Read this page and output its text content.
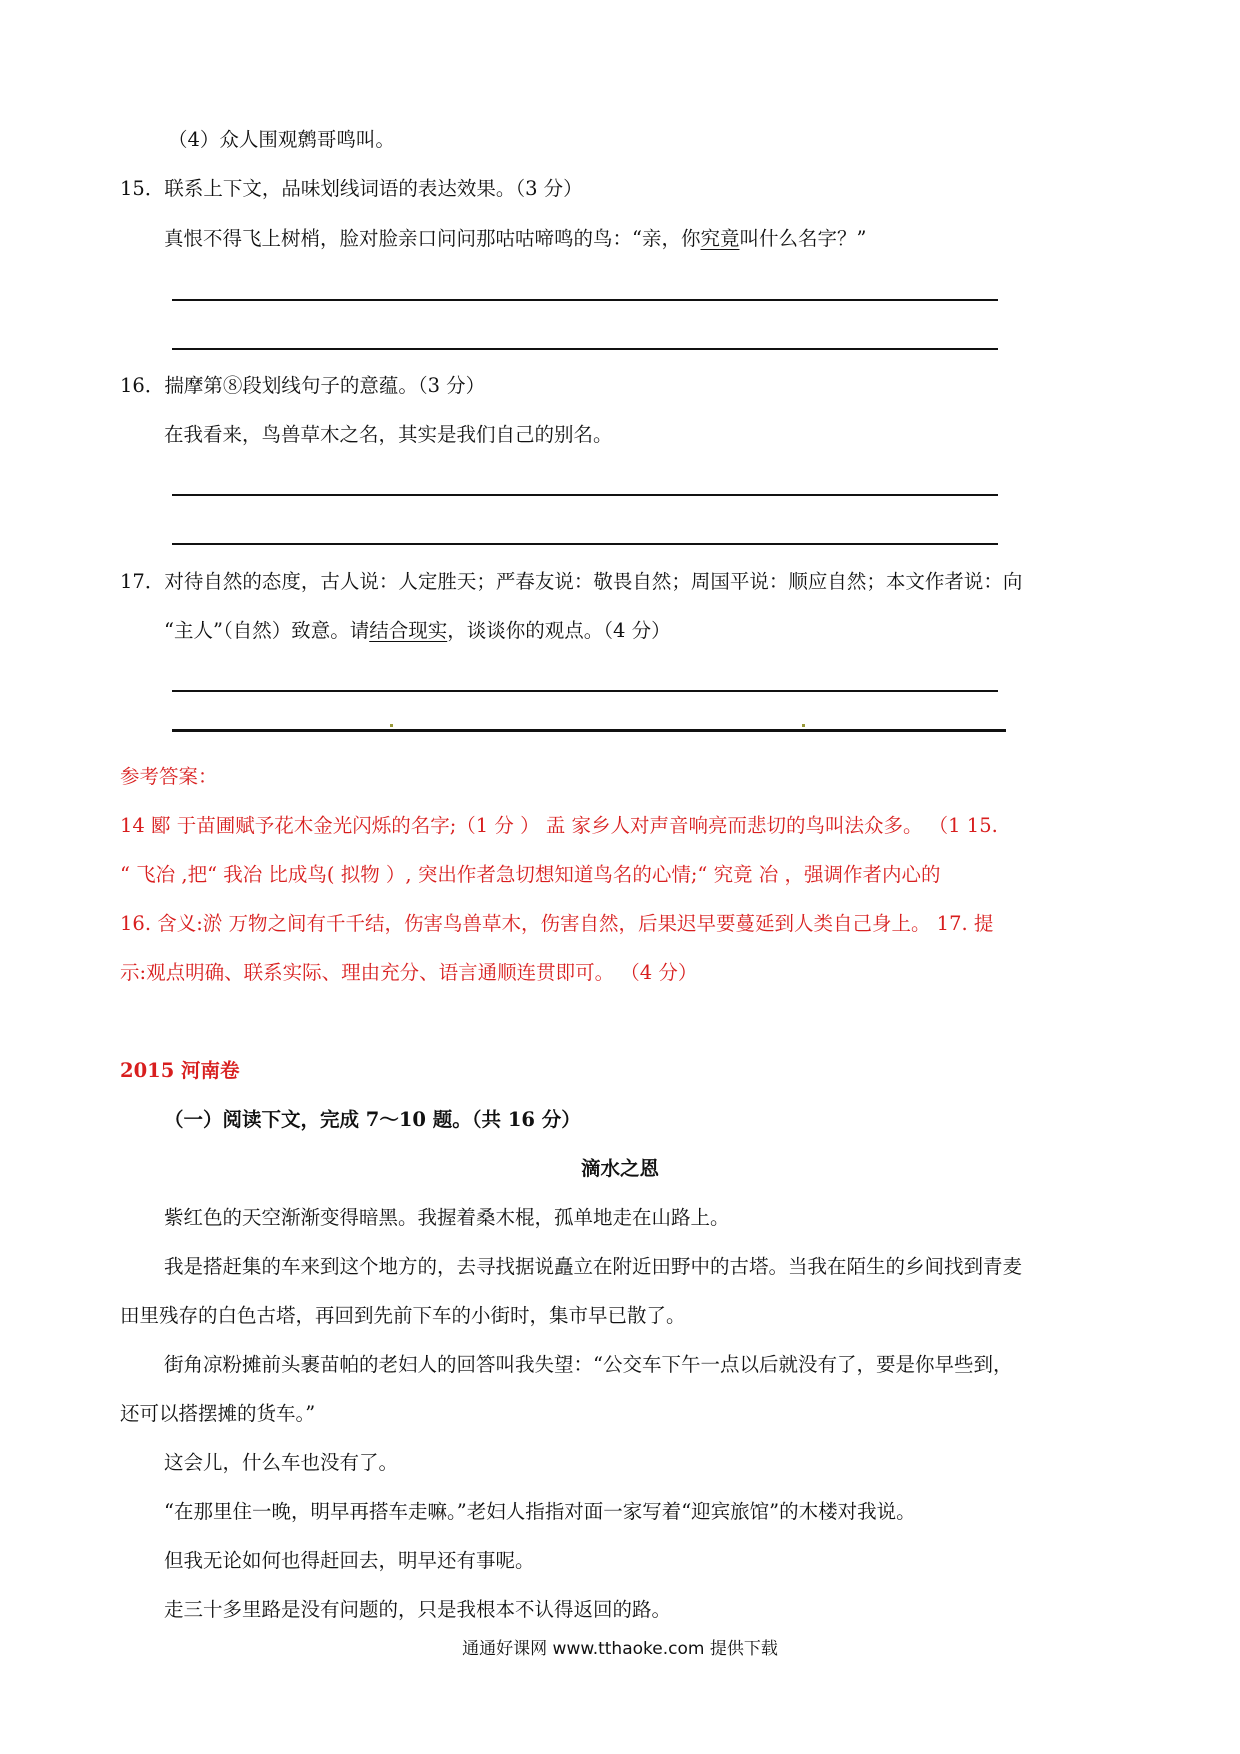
（4）众人围观鹩哥鸣叫。
15．联系上下文，品味划线词语的表达效果。（3 分）
真恨不得飞上树梢，脸对脸亲口问问那咕咕啼鸣的鸟：“亲，你究竟叫什么名字？”
16．揣摩第⑧段划线句子的意蕴。（3 分）
在我看来，鸟兽草木之名，其实是我们自己的别名。
17．对待自然的态度，古人说：人定胜天；严春友说：敬畏自然；周国平说：顺应自然；本文作者说：向
“主人”（自然）致意。请结合现实，谈谈你的观点。（4 分）
参考答案：
14 郾 于苗圃赋予花木金光闪烁的名字;（1 分 ） 盂 家乡人对声音响亮而悲切的鸟叫法众多。 （1 15.
“ 飞冶 ,把“ 我冶 比成鸟( 拟物 ）, 突出作者急切想知道鸟名的心情;“ 究竟 冶 ，强调作者内心的
16. 含义:淤 万物之间有千千结，伤害鸟兽草木，伤害自然，后果迟早要蔓延到人类自己身上。 17. 提
示:观点明确、联系实际、理由充分、语言通顺连贯即可。 （4 分）
2015 河南卷
（一）阅读下文，完成 7～10 题。（共 16 分）
滴水之恩
紫红色的天空渐渐变得暗黑。我握着桑木棍，孤单地走在山路上。
我是搭赶集的车来到这个地方的，去寻找据说矗立在附近田野中的古塔。当我在陌生的乡间找到青麦
田里残存的白色古塔，再回到先前下车的小街时，集市早已散了。
街角凉粉摊前头裹苗帕的老妇人的回答叫我失望：“公交车下午一点以后就没有了，要是你早些到，
还可以搭摆摊的货车。”
这会儿，什么车也没有了。
“在那里住一晚，明早再搭车走嘛。”老妇人指指对面一家写着“迎宾旅馆”的木楼对我说。
但我无论如何也得赶回去，明早还有事呢。
走三十多里路是没有问题的，只是我根本不认得返回的路。
通通好课网 www.tthaoke.com 提供下载
